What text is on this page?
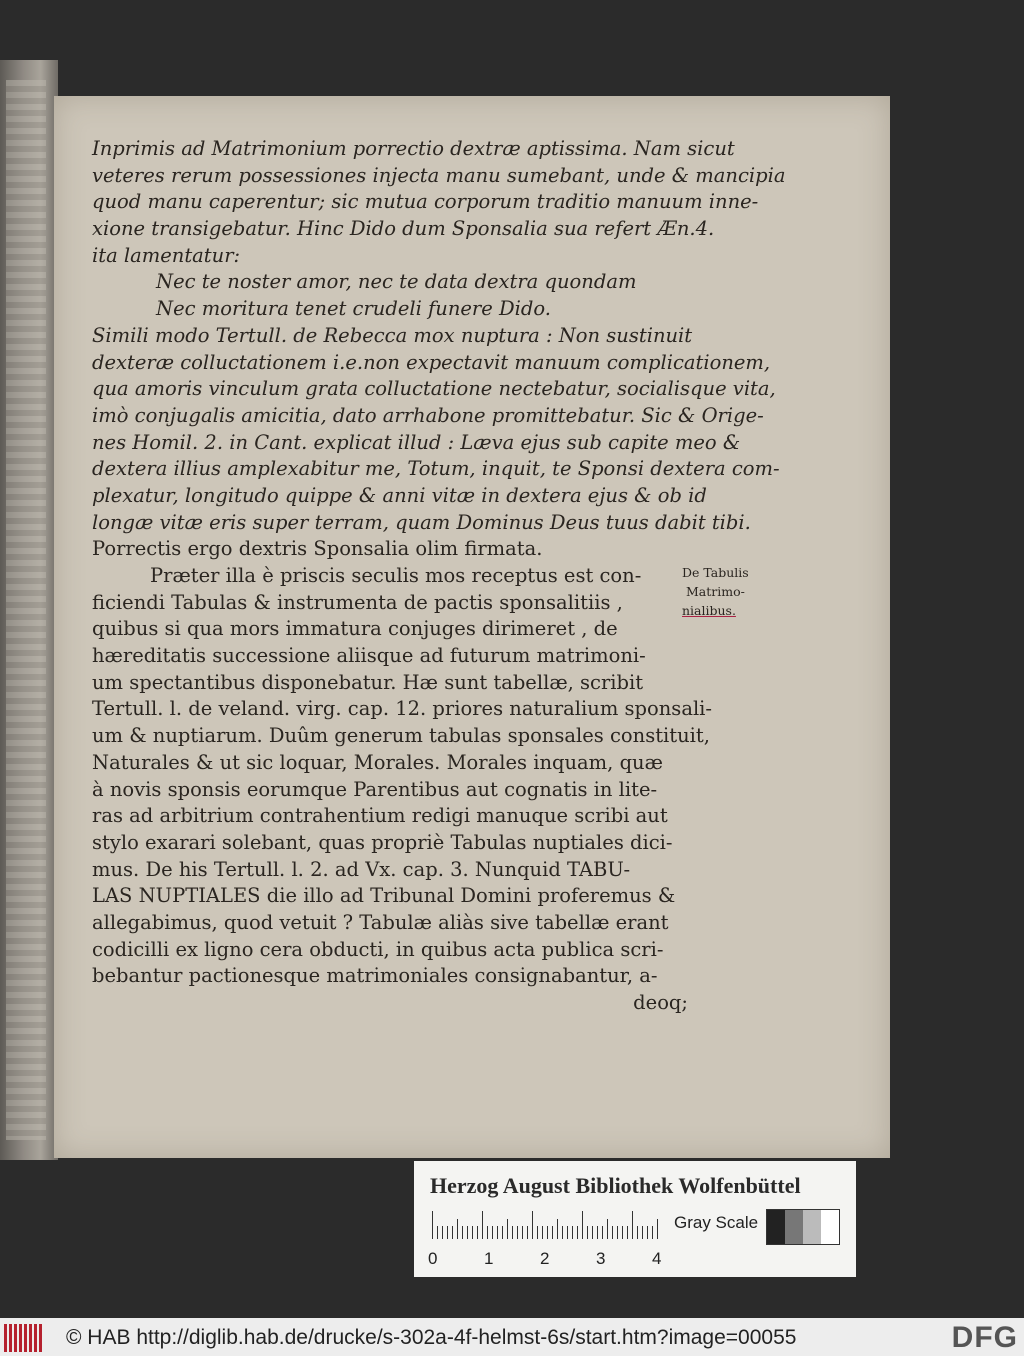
Inprimis ad Matrimonium porrectio dextræ aptissima. Nam sicut
veteres rerum possessiones injecta manu sumebant, unde & mancipia
quod manu caperentur; sic mutua corporum traditio manuum inne-
xione transigebatur. Hinc Dido dum Sponsalia sua refert Æn.4.
ita lamentatur:
Nec te noster amor, nec te data dextra quondam
Nec moritura tenet crudeli funere Dido.
Simili modo Tertull. de Rebecca mox nuptura : Non sustinuit
dexteræ colluctationem i.e.non expectavit manuum complicationem,
qua amoris vinculum grata colluctatione nectebatur, socialisque vita,
imò conjugalis amicitia, dato arrhabone promittebatur. Sic & Orige-
nes Homil. 2. in Cant. explicat illud : Læva ejus sub capite meo &
dextera illius amplexabitur me, Totum, inquit, te Sponsi dextera com-
plexatur, longitudo quippe & anni vitæ in dextera ejus & ob id
longæ vitæ eris super terram, quam Dominus Deus tuus dabit tibi.
Porrectis ergo dextris Sponsalia olim firmata.
Præter illa è priscis seculis mos receptus est con-
ficiendi Tabulas & instrumenta de pactis sponsalitiis ,
quibus si qua mors immatura conjuges dirimeret , de
hæreditatis successione aliisque ad futurum matrimoni-
um spectantibus disponebatur. Hæ sunt tabellæ, scribit
Tertull. l. de veland. virg. cap. 12. priores naturalium sponsali-
um & nuptiarum. Duûm generum tabulas sponsales constituit,
Naturales & ut sic loquar, Morales. Morales inquam, quæ
à novis sponsis eorumque Parentibus aut cognatis in lite-
ras ad arbitrium contrahentium redigi manuque scribi aut
stylo exarari solebant, quas propriè Tabulas nuptiales dici-
mus. De his Tertull. l. 2. ad Vx. cap. 3. Nunquid TABU-
LAS NUPTIALES die illo ad Tribunal Domini proferemus &
allegabimus, quod vetuit ? Tabulæ aliàs sive tabellæ erant
codicilli ex ligno cera obducti, in quibus acta publica scri-
bebantur pactionesque matrimoniales consignabantur, a-
deoq;
De Tabulis
Matrimo-
nialibus.
Herzog August Bibliothek Wolfenbüttel
0	1	2	3	4
Gray Scale
© HAB http://diglib.hab.de/drucke/s-302a-4f-helmst-6s/start.htm?image=00055	DFG
